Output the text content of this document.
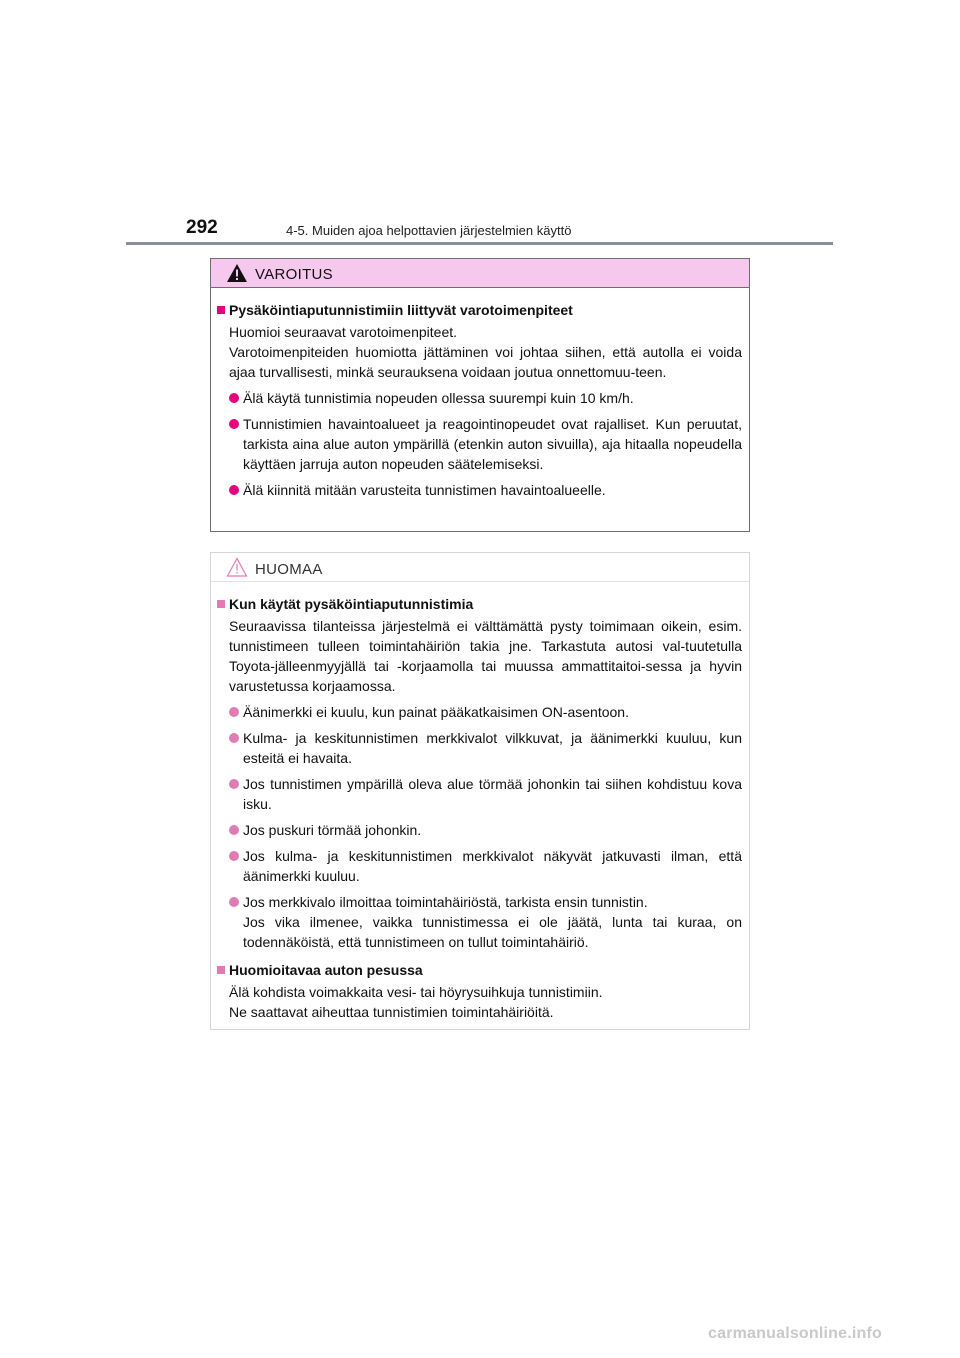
292	4-5. Muiden ajoa helpottavien järjestelmien käyttö
VAROITUS
Pysäköintiaputunnistimiin liittyvät varotoimenpiteet
Huomioi seuraavat varotoimenpiteet.
Varotoimenpiteiden huomiotta jättäminen voi johtaa siihen, että autolla ei voida ajaa turvallisesti, minkä seurauksena voidaan joutua onnettomuu-teen.
Älä käytä tunnistimia nopeuden ollessa suurempi kuin 10 km/h.
Tunnistimien havaintoalueet ja reagointinopeudet ovat rajalliset. Kun peruutat, tarkista aina alue auton ympärillä (etenkin auton sivuilla), aja hitaalla nopeudella käyttäen jarruja auton nopeuden säätelemiseksi.
Älä kiinnitä mitään varusteita tunnistimen havaintoalueelle.
HUOMAA
Kun käytät pysäköintiaputunnistimia
Seuraavissa tilanteissa järjestelmä ei välttämättä pysty toimimaan oikein, esim. tunnistimeen tulleen toimintahäiriön takia jne. Tarkastuta autosi val-tuutetulla Toyota-jälleenmyyjällä tai -korjaamolla tai muussa ammattitaitoi-sessa ja hyvin varustetussa korjaamossa.
Äänimerkki ei kuulu, kun painat pääkatkaisimen ON-asentoon.
Kulma- ja keskitunnistimen merkkivalot vilkkuvat, ja äänimerkki kuuluu, kun esteitä ei havaita.
Jos tunnistimen ympärillä oleva alue törmää johonkin tai siihen kohdistuu kova isku.
Jos puskuri törmää johonkin.
Jos kulma- ja keskitunnistimen merkkivalot näkyvät jatkuvasti ilman, että äänimerkki kuuluu.
Jos merkkivalo ilmoittaa toimintahäiriöstä, tarkista ensin tunnistin.
Jos vika ilmenee, vaikka tunnistimessa ei ole jäätä, lunta tai kuraa, on todennäköistä, että tunnistimeen on tullut toimintahäiriö.
Huomioitavaa auton pesussa
Älä kohdista voimakkaita vesi- tai höyrysuihkuja tunnistimiin.
Ne saattavat aiheuttaa tunnistimien toimintahäiriöitä.
carmanualsonline.info
